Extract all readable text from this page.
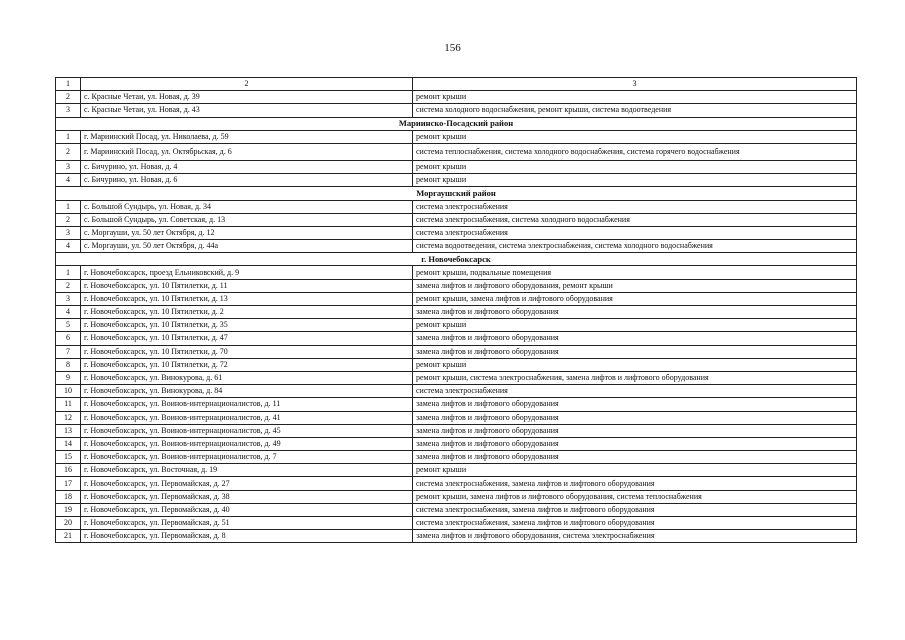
156
1	2	3
2	с. Красные Четаи, ул. Новая, д. 39	ремонт крыши
3	с. Красные Четаи, ул. Новая, д. 43	система холодного водоснабжения, ремонт крыши, система водоотведения
Мариинско-Посадский район		
1	г. Мариинский Посад, ул. Николаева, д. 59	ремонт крыши
2	г. Мариинский Посад, ул. Октябрьская, д. 6	система теплоснабжения, система холодного водоснабжения, система горячего водоснабжения
3	с. Бичурино, ул. Новая, д. 4	ремонт крыши
4	с. Бичурино, ул. Новая, д. 6	ремонт крыши
Моргаушский район		
1	с. Большой Сундырь, ул. Новая, д. 34	система электроснабжения
2	с. Большой Сундырь, ул. Советская, д. 13	система электроснабжения, система холодного водоснабжения
3	с. Моргауши, ул. 50 лет Октября, д. 12	система электроснабжения
4	с. Моргауши, ул. 50 лет Октября, д. 44а	система водоотведения, система электроснабжения, система холодного водоснабжения
г. Новочебоксарск		
1	г. Новочебоксарск, проезд Ельниковский, д. 9	ремонт крыши, подвальные помещения
2	г. Новочебоксарск, ул. 10 Пятилетки, д. 11	замена лифтов и лифтового оборудования, ремонт крыши
3	г. Новочебоксарск, ул. 10 Пятилетки, д. 13	ремонт крыши, замена лифтов и лифтового оборудования
4	г. Новочебоксарск, ул. 10 Пятилетки, д. 2	замена лифтов и лифтового оборудования
5	г. Новочебоксарск, ул. 10 Пятилетки, д. 35	ремонт крыши
6	г. Новочебоксарск, ул. 10 Пятилетки, д. 47	замена лифтов и лифтового оборудования
7	г. Новочебоксарск, ул. 10 Пятилетки, д. 70	замена лифтов и лифтового оборудования
8	г. Новочебоксарск, ул. 10 Пятилетки, д. 72	ремонт крыши
9	г. Новочебоксарск, ул. Винокурова, д. 61	ремонт крыши, система электроснабжения, замена лифтов и лифтового оборудования
10	г. Новочебоксарск, ул. Винокурова, д. 84	система электроснабжения
11	г. Новочебоксарск, ул. Воинов-интернационалистов, д. 11	замена лифтов и лифтового оборудования
12	г. Новочебоксарск, ул. Воинов-интернационалистов, д. 41	замена лифтов и лифтового оборудования
13	г. Новочебоксарск, ул. Воинов-интернационалистов, д. 45	замена лифтов и лифтового оборудования
14	г. Новочебоксарск, ул. Воинов-интернационалистов, д. 49	замена лифтов и лифтового оборудования
15	г. Новочебоксарск, ул. Воинов-интернационалистов, д. 7	замена лифтов и лифтового оборудования
16	г. Новочебоксарск, ул. Восточная, д. 19	ремонт крыши
17	г. Новочебоксарск, ул. Первомайская, д. 27	система электроснабжения, замена лифтов и лифтового оборудования
18	г. Новочебоксарск, ул. Первомайская, д. 38	ремонт крыши, замена лифтов и лифтового оборудования, система теплоснабжения
19	г. Новочебоксарск, ул. Первомайская, д. 40	система электроснабжения, замена лифтов и лифтового оборудования
20	г. Новочебоксарск, ул. Первомайская, д. 51	система электроснабжения, замена лифтов и лифтового оборудования
21	г. Новочебоксарск, ул. Первомайская, д. 8	замена лифтов и лифтового оборудования, система электроснабжения
